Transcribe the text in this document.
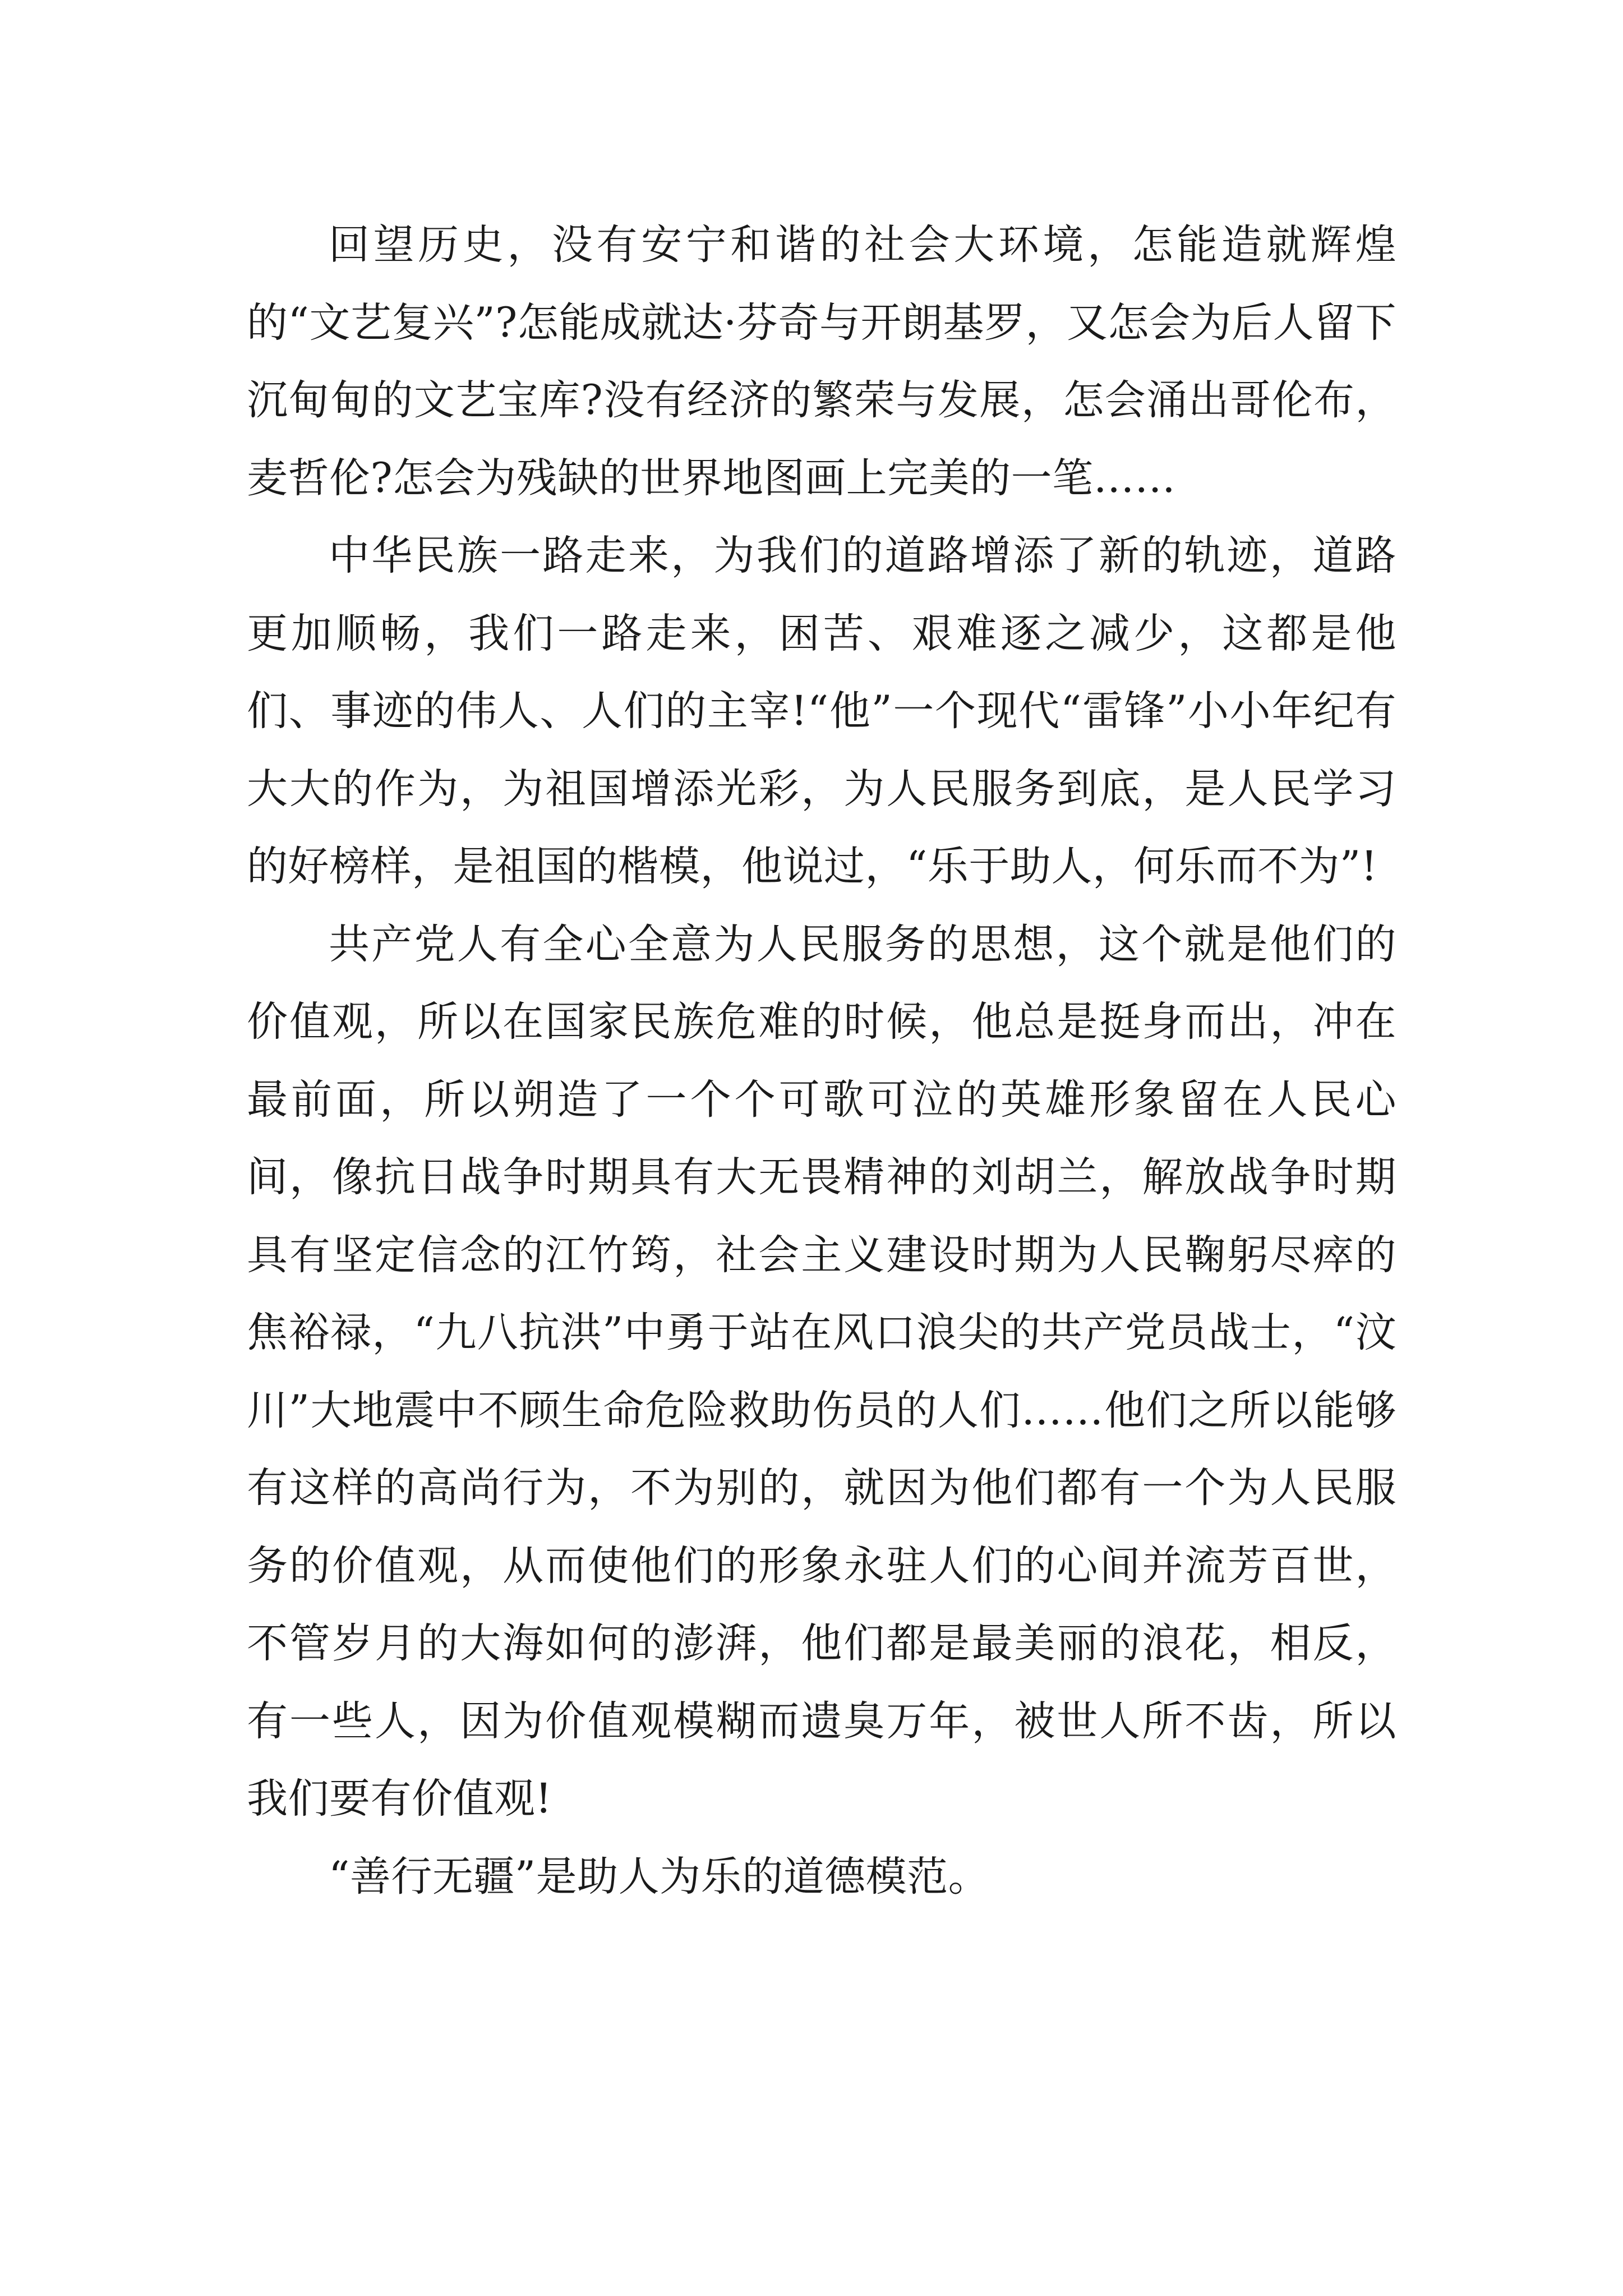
回望历史，没有安宁和谐的社会大环境，怎能造就辉煌的“文艺复兴”?怎能成就达·芬奇与开朗基罗，又怎会为后人留下沉甸甸的文艺宝库?没有经济的繁荣与发展，怎会涌出哥伦布，麦哲伦?怎会为残缺的世界地图画上完美的一笔……

中华民族一路走来，为我们的道路增添了新的轨迹，道路更加顺畅，我们一路走来，困苦、艰难逐之减少，这都是他们、事迹的伟人、人们的主宰!“他”一个现代“雷锋”小小年纪有大大的作为，为祖国增添光彩，为人民服务到底，是人民学习的好榜样，是祖国的楷模，他说过，“乐于助人，何乐而不为”!

共产党人有全心全意为人民服务的思想，这个就是他们的价值观，所以在国家民族危难的时候，他总是挺身而出，冲在最前面，所以朔造了一个个可歌可泣的英雄形象留在人民心间，像抗日战争时期具有大无畏精神的刘胡兰，解放战争时期具有坚定信念的江竹筠，社会主义建设时期为人民鞠躬尽瘁的焦裕禄，“九八抗洪”中勇于站在风口浪尖的共产党员战士，“汶川”大地震中不顾生命危险救助伤员的人们……他们之所以能够有这样的高尚行为，不为别的，就因为他们都有一个为人民服务的价值观，从而使他们的形象永驻人们的心间并流芳百世，不管岁月的大海如何的澎湃，他们都是最美丽的浪花，相反，有一些人，因为价值观模糊而遗臭万年，被世人所不齿，所以我们要有价值观!

“善行无疆”是助人为乐的道德模范。
